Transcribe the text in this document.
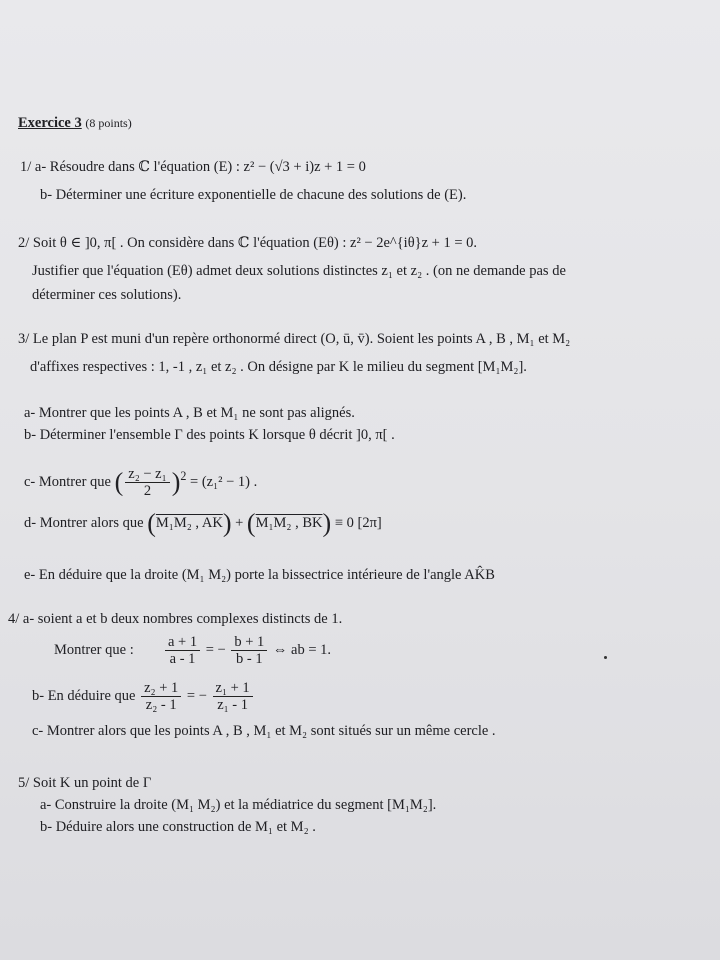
Exercice 3 (8 points)
1/ a- Résoudre dans ℂ l'équation (E) : z² − (√3 + i)z + 1 = 0
b- Déterminer une écriture exponentielle de chacune des solutions de (E).
2/ Soit θ ∈ ]0, π[ . On considère dans ℂ l'équation (Eθ) : z² − 2e^{iθ}z + 1 = 0.
Justifier que l'équation (Eθ) admet deux solutions distinctes z₁ et z₂ . (on ne demande pas de
déterminer ces solutions).
3/ Le plan P est muni d'un repère orthonormé direct (O, ū, v̄). Soient les points A , B , M₁ et M₂
d'affixes respectives : 1, -1 , z₁ et z₂ . On désigne par K le milieu du segment [M₁M₂].
a- Montrer que les points A , B et M₁ ne sont pas alignés.
b- Déterminer l'ensemble Γ des points K lorsque θ décrit ]0, π[ .
c- Montrer que ( $\frac{\text{z₂ − z₁}}{2} )^2 = (z_1^2 - 1)$ .
d- Montrer alors que (M₁M₂ , AK) + (M₁M₂ , BK) ≡ 0 [2π]
e- En déduire que la droite (M₁ M₂) porte la bissectrice intérieure de l'angle AK̂B
4/ a- soient a et b deux nombres complexes distincts de 1.
Montrer que : $\frac{a + 1}{a - 1}$ = − $\frac{b + 1}{b - 1}$ ⇔ ab = 1.
b- En déduire que $\frac{\text{z₂ + 1}}{\text{z₂ - 1}}$ = − $\frac{\text{z₁ + 1}}{\text{z₁ - 1}}$
c- Montrer alors que les points A , B , M₁ et M₂ sont situés sur un même cercle .
5/ Soit K un point de Γ
a- Construire la droite (M₁ M₂) et la médiatrice du segment [M₁M₂].
b- Déduire alors une construction de M₁ et M₂ .
